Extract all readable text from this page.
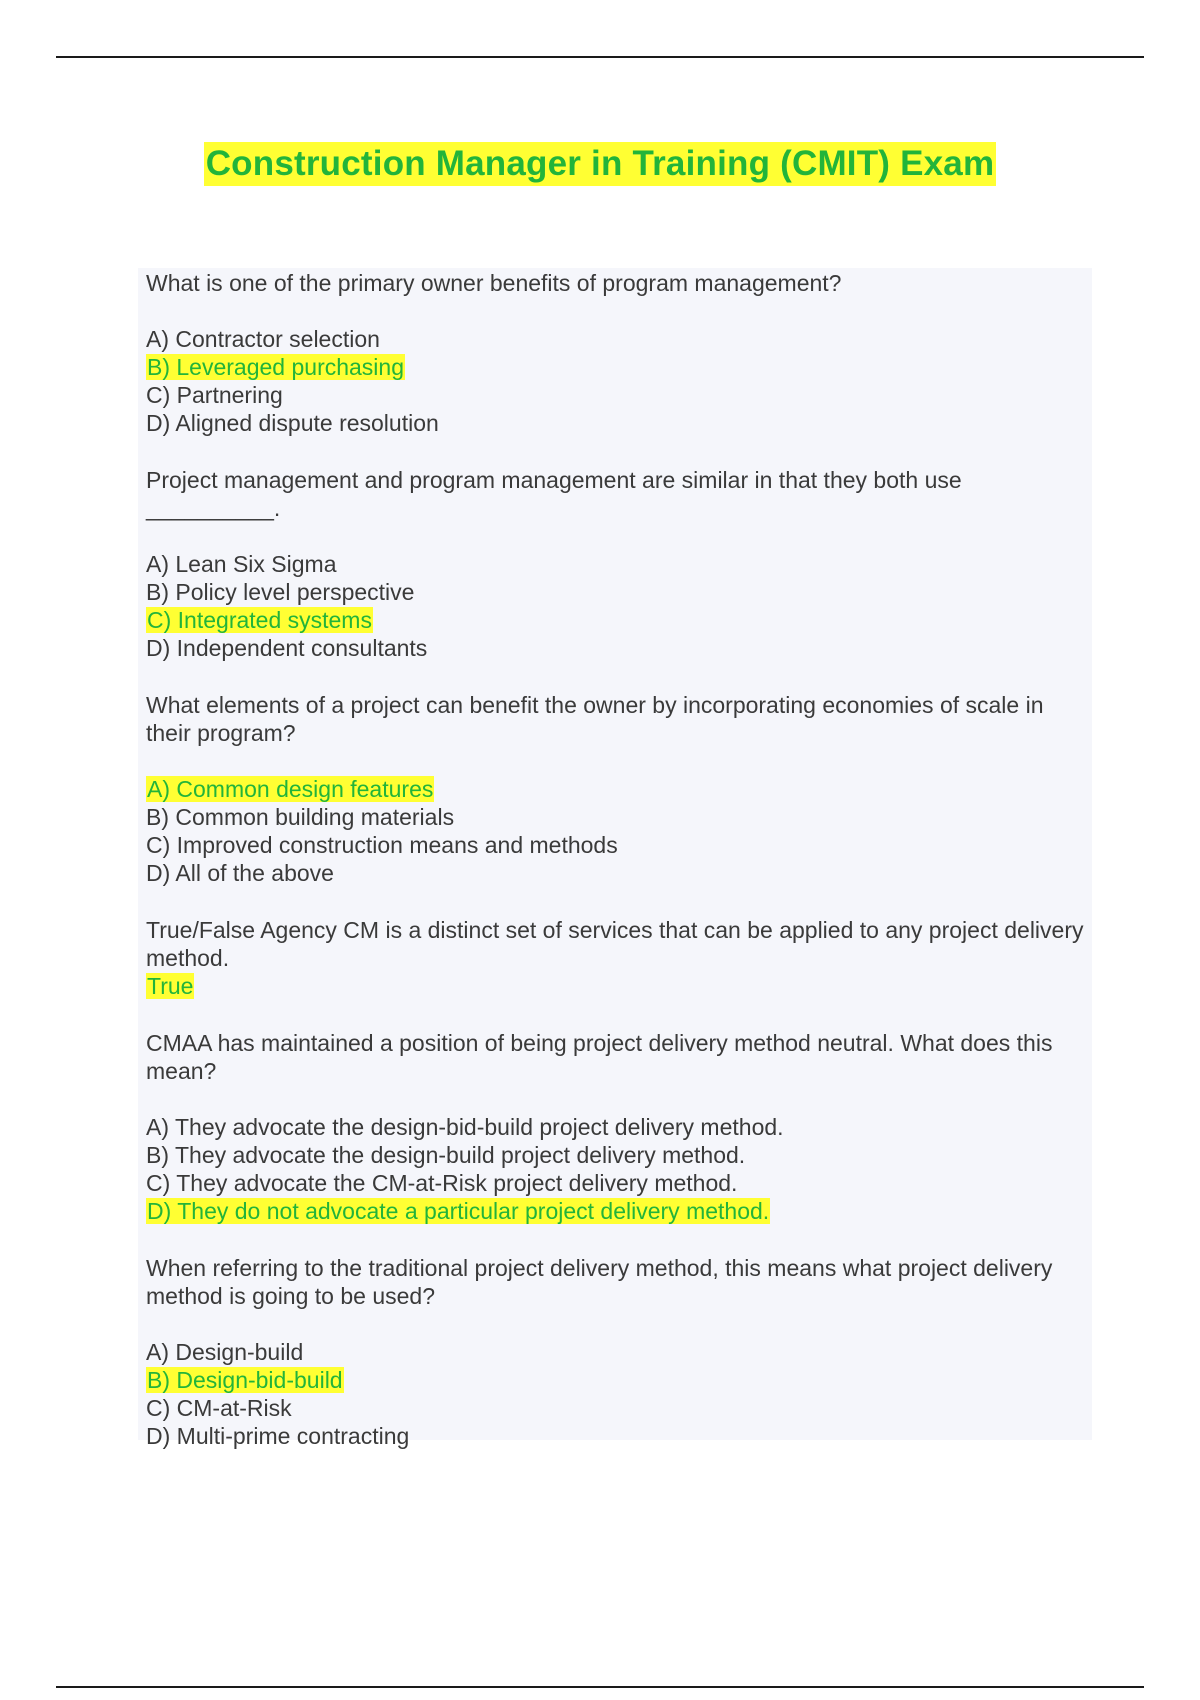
Construction Manager in Training (CMIT) Exam

What is one of the primary owner benefits of program management?

A) Contractor selection
B) Leveraged purchasing
C) Partnering
D) Aligned dispute resolution

Project management and program management are similar in that they both use
__________.

A) Lean Six Sigma
B) Policy level perspective
C) Integrated systems
D) Independent consultants

What elements of a project can benefit the owner by incorporating economies of scale in their program?

A) Common design features
B) Common building materials
C) Improved construction means and methods
D) All of the above

True/False Agency CM is a distinct set of services that can be applied to any project delivery method.

True

CMAA has maintained a position of being project delivery method neutral. What does this mean?

A) They advocate the design-bid-build project delivery method.
B) They advocate the design-build project delivery method.
C) They advocate the CM-at-Risk project delivery method.
D) They do not advocate a particular project delivery method.

When referring to the traditional project delivery method, this means what project delivery method is going to be used?

A) Design-build
B) Design-bid-build
C) CM-at-Risk
D) Multi-prime contracting
